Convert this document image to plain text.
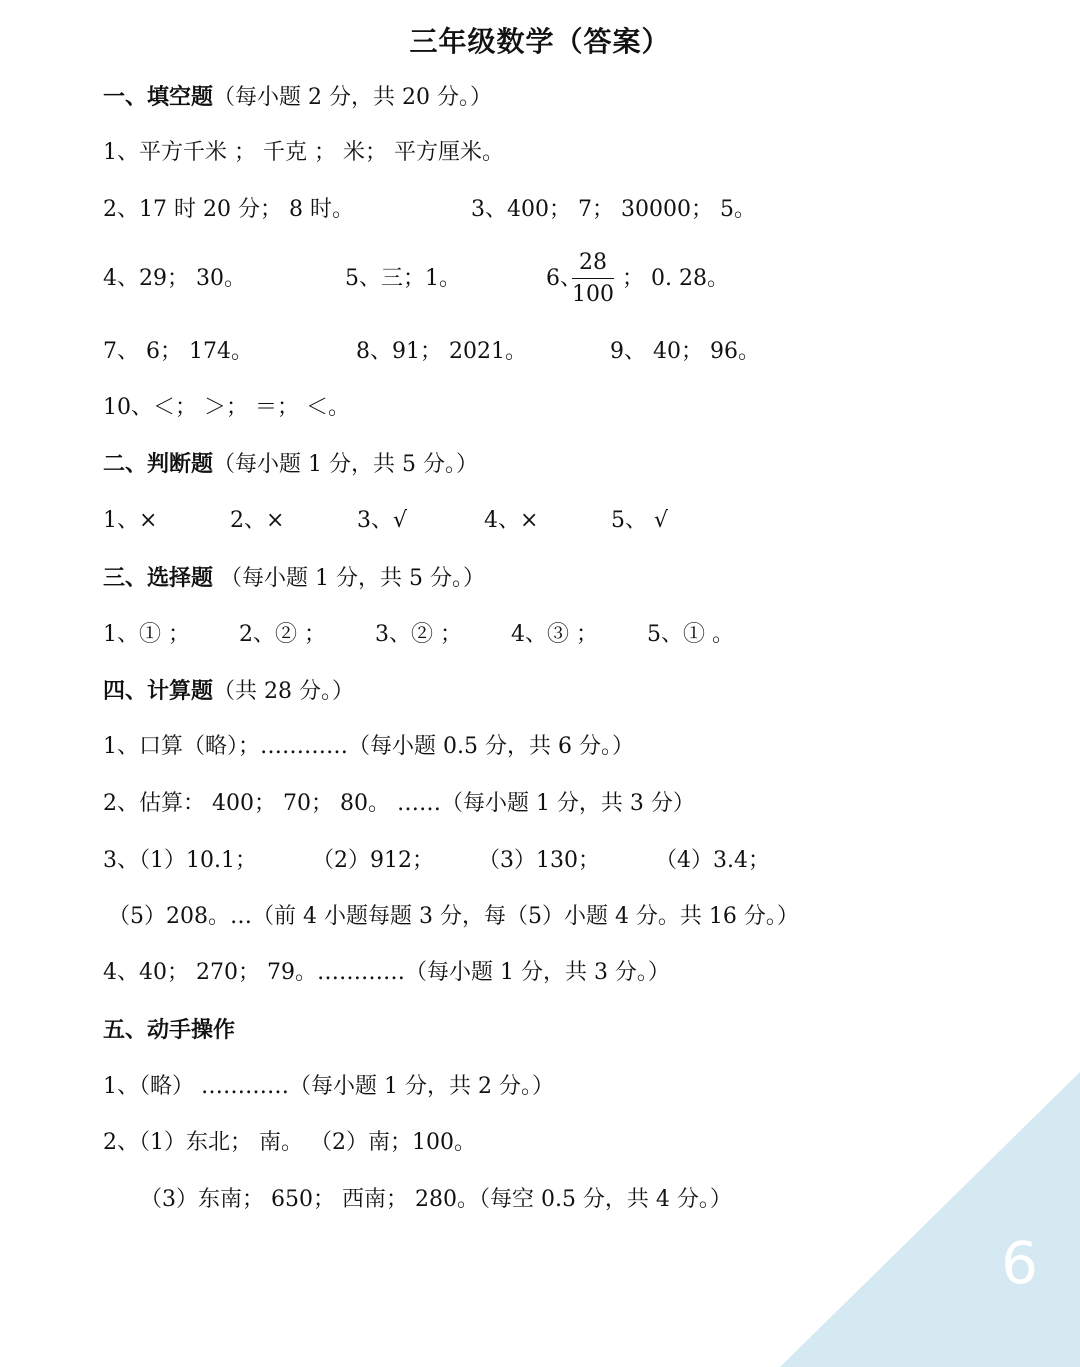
三年级数学（答案）
一、填空题（每小题 2 分，共 20 分。）
1、平方千米 ； 千克 ； 米； 平方厘米。
2、17 时 20 分； 8 时。	3、400； 7； 30000； 5。
4、29； 30。	5、三；1。	6、
$\frac{28}{100}$ ； 0. 28。
7、 6； 174。	8、91； 2021。	9、 40； 96。
10、＜； ＞； ＝； ＜。
二、判断题（每小题 1 分，共 5 分。）
1、×	2、×	3、√	4、×	5、 √
三、选择题 （每小题 1 分，共 5 分。）
1、① ； 2、② ； 3、② ； 4、③ ； 5、① 。
四、计算题（共 28 分。）
1、口算（略）；…………（每小题 0.5 分，共 6 分。）
2、估算： 400； 70； 80。 ……（每小题 1 分，共 3 分）
3、（1）10.1；	（2）912； （3）130；	（4）3.4；
（5）208。…（前 4 小题每题 3 分，每（5）小题 4 分。共 16 分。）
4、40； 270； 79。…………（每小题 1 分，共 3 分。）
五、动手操作
1、（略） …………（每小题 1 分，共 2 分。）
2、（1）东北； 南。 （2）南；100。
（3）东南； 650； 西南； 280。（每空 0.5 分，共 4 分。）
6
